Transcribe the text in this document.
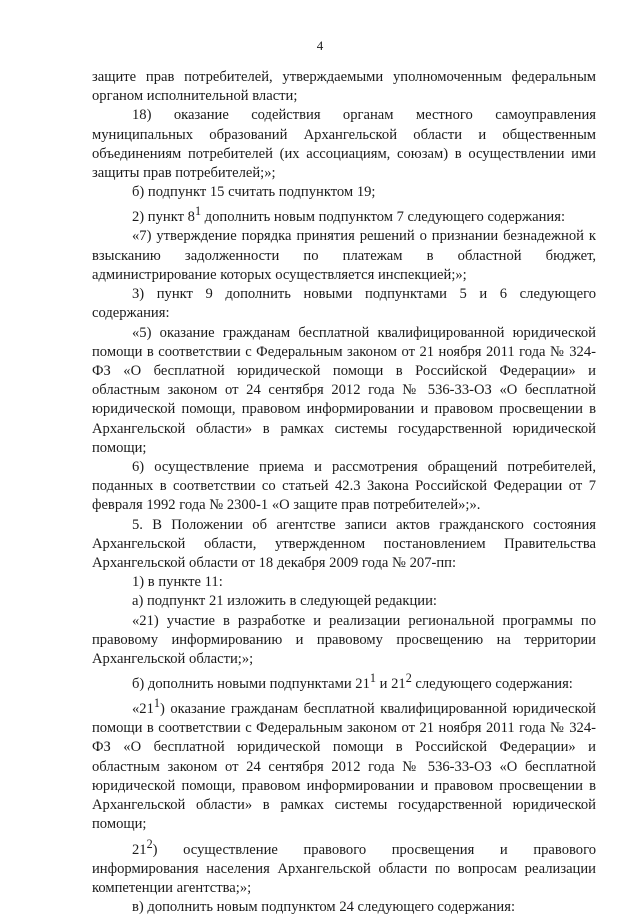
4

защите прав потребителей, утверждаемыми уполномоченным федеральным органом исполнительной власти;

18) оказание содействия органам местного самоуправления муниципальных образований Архангельской области и общественным объединениям потребителей (их ассоциациям, союзам) в осуществлении ими защиты прав потребителей;»;

б) подпункт 15 считать подпунктом 19;

2) пункт $8^1$ дополнить новым подпунктом 7 следующего содержания:

«7) утверждение порядка принятия решений о признании безнадежной к взысканию задолженности по платежам в областной бюджет, администрирование которых осуществляется инспекцией;»;

3) пункт 9 дополнить новыми подпунктами 5 и 6 следующего содержания:

«5) оказание гражданам бесплатной квалифицированной юридической помощи в соответствии с Федеральным законом от 21 ноября 2011 года № 324-ФЗ «О бесплатной юридической помощи в Российской Федерации» и областным законом от 24 сентября 2012 года № 536-33-ОЗ «О бесплатной юридической помощи, правовом информировании и правовом просвещении в Архангельской области» в рамках системы государственной юридической помощи;

6) осуществление приема и рассмотрения обращений потребителей, поданных в соответствии со статьей 42.3 Закона Российской Федерации от 7 февраля 1992 года № 2300-1 «О защите прав потребителей»;».

5. В Положении об агентстве записи актов гражданского состояния Архангельской области, утвержденном постановлением Правительства Архангельской области от 18 декабря 2009 года № 207-пп:

1) в пункте 11:

а) подпункт 21 изложить в следующей редакции:

«21) участие в разработке и реализации региональной программы по правовому информированию и правовому просвещению на территории Архангельской области;»;

б) дополнить новыми подпунктами $21^1$ и $21^2$ следующего содержания:

«$21^1$) оказание гражданам бесплатной квалифицированной юридической помощи в соответствии с Федеральным законом от 21 ноября 2011 года № 324-ФЗ «О бесплатной юридической помощи в Российской Федерации» и областным законом от 24 сентября 2012 года № 536-33-ОЗ «О бесплатной юридической помощи, правовом информировании и правовом просвещении в Архангельской области» в рамках системы государственной юридической помощи;

$21^2$) осуществление правового просвещения и правового информирования населения Архангельской области по вопросам реализации компетенции агентства;»;

в) дополнить новым подпунктом 24 следующего содержания:
